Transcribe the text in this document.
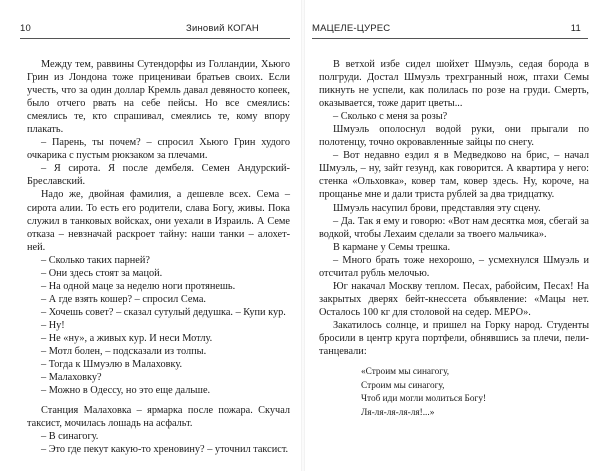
10	Зиновий КОГАН

Между тем, раввины Сутендорфы из Голландии, Хьюго Грин из Лондона тоже прицениваи братьев своих. Если учесть, что за один доллар Кремль давал девяносто копеек, было отчего рвать на себе пейсы. Но все смеялись: смеялись те, кто спрашивал, смеялись те, кому впору плакать.

– Парень, ты почем? – спросил Хьюго Грин худого очкарика с пустым рюкзаком за плечами.

– Я сирота. Я после дембеля. Семен Андурский-Бреславский.

Надо же, двойная фамилия, а дешевле всех. Сема – сирота алии. То есть его родители, слава Богу, живы. Пока служил в танковых войсках, они уехали в Израиль. А Семе отказа – невзначай раскроет тайну: наши танки – алохет-ней.

– Сколько таких парней?

– Они здесь стоят за мацой.

– На одной маце за неделю ноги протянешь.

– А где взять кошер? – спросил Сема.

– Хочешь совет? – сказал сутулый дедушка. – Купи кур.

– Ну!

– Не «ну», а живых кур. И неси Мотлу.

– Мотл болен, – подсказали из толпы.

– Тогда к Шмуэлю в Малаховку.

– Малаховку?

– Можно в Одессу, но это еще дальше.

Станция Малаховка – ярмарка после пожара. Скучал таксист, мочилась лошадь на асфальт.

– В синагогу.

– Это где пекут какую-то хреновину? – уточнил таксист.

МАЦЕЛЕ-ЦУРЕС	11

В ветхой избе сидел шойхет Шмуэль, седая борода в полгруди. Достал Шмуэль трехгранный нож, птахи Семы пикнуть не успели, как полилась по розе на груди. Смерть, оказывается, тоже дарит цветы...

– Сколько с меня за розы?

Шмуэль ополоснул водой руки, они прыгали по полотенцу, точно окровавленные зайцы по снегу.

– Вот недавно ездил я в Медведково на брис, – начал Шмуэль, – ну, зайт гезунд, как говорится. А квартира у него: стенка «Ольховка», ковер там, ковер здесь. Ну, короче, на прощанье мне и дали триста рублей за два тридцатку.

Шмуэль насупил брови, представляя эту сцену.

– Да. Так я ему и говорю: «Вот нам десятка моя, сбегай за водкой, чтобы Лехаим сделали за твоего мальчика».

В кармане у Семы трешка.

– Много брать тоже нехорошо, – усмехнулся Шмуэль и отсчитал рубль мелочью.

Юг накачал Москву теплом. Песах, рабойсим, Песах! На закрытых дверях бейт-кнессета объявление: «Мацы нет. Осталось 100 кг для столовой на седер. МЕРО».

Закатилось солнце, и пришел на Горку народ. Студенты бросили в центр круга портфели, обнявшись за плечи, пели-танцевали:

«Строим мы синагогу,
Строим мы синагогу,
Чтоб иди могли молиться Богу!
Ля-ля-ля-ля-ля!...»
